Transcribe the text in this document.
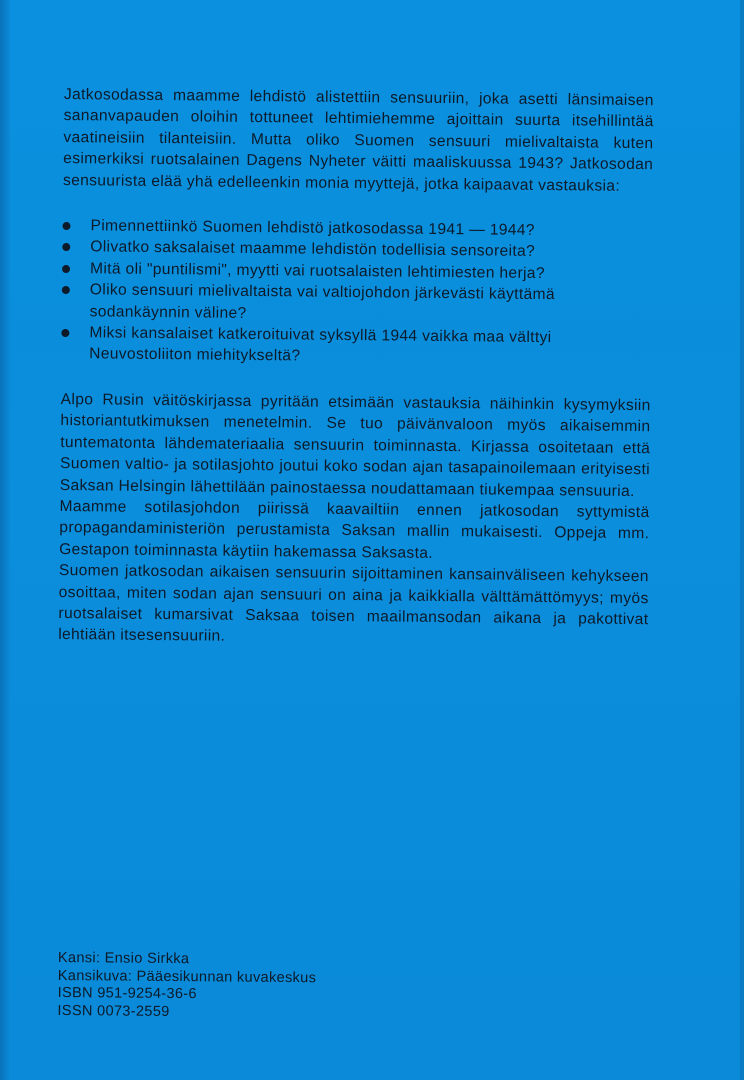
Jatkosodassa maamme lehdistö alistettiin sensuuriin, joka asetti länsimaisen sananvapauden oloihin tottuneet lehtimiehemme ajoittain suurta itsehillintää vaatineisiin tilanteisiin. Mutta oliko Suomen sensuuri mielivaltaista kuten esimerkiksi ruotsalainen Dagens Nyheter väitti maaliskuussa 1943? Jatkosodan sensuurista elää yhä edelleenkin monia myyttejä, jotka kaipaavat vastauksia:

Pimennettiinkö Suomen lehdistö jatkosodassa 1941 — 1944?
Olivatko saksalaiset maamme lehdistön todellisia sensoreita?
Mitä oli "puntilismi", myytti vai ruotsalaisten lehtimiesten herja?
Oliko sensuuri mielivaltaista vai valtiojohdon järkevästi käyttämä sodankäynnin väline?
Miksi kansalaiset katkeroituivat syksyllä 1944 vaikka maa välttyi Neuvostoliiton miehitykseltä?

Alpo Rusin väitöskirjassa pyritään etsimään vastauksia näihinkin kysymyksiin historiantutkimuksen menetelmin. Se tuo päivänvaloon myös aikaisemmin tuntematonta lähdemateriaalia sensuurin toiminnasta. Kirjassa osoitetaan että Suomen valtio- ja sotilasjohto joutui koko sodan ajan tasapainoilemaan erityisesti Saksan Helsingin lähettilään painostaessa noudattamaan tiukempaa sensuuria.

Maamme sotilasjohdon piirissä kaavailtiin ennen jatkosodan syttymistä propagandaministeriön perustamista Saksan mallin mukaisesti. Oppeja mm. Gestapon toiminnasta käytiin hakemassa Saksasta.

Suomen jatkosodan aikaisen sensuurin sijoittaminen kansainväliseen kehykseen osoittaa, miten sodan ajan sensuuri on aina ja kaikkialla välttämättömyys; myös ruotsalaiset kumarsivat Saksaa toisen maailmansodan aikana ja pakottivat lehtiään itsesensuuriin.

Kansi: Ensio Sirkka
Kansikuva: Pääesikunnan kuvakeskus
ISBN 951-9254-36-6
ISSN 0073-2559
